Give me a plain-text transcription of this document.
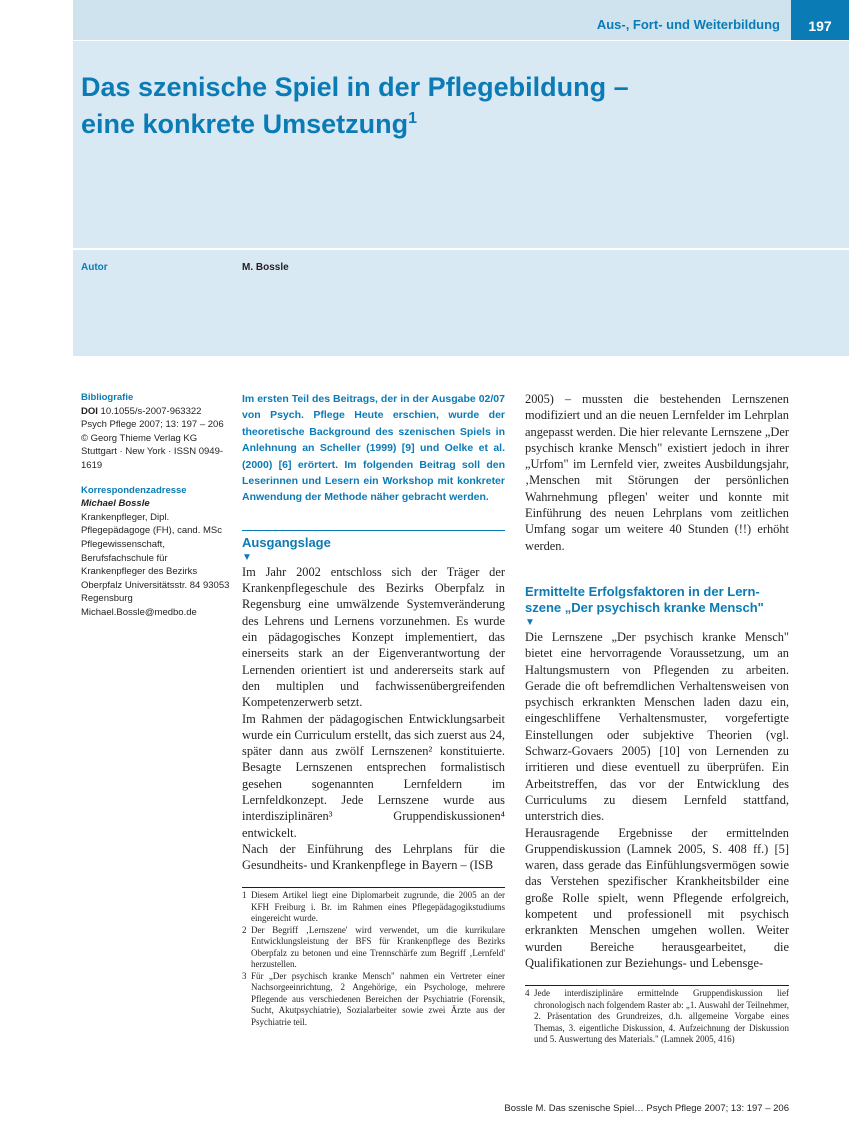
Aus-, Fort- und Weiterbildung	197
Das szenische Spiel in der Pflegebildung –
eine konkrete Umsetzung$^1$
Autor	M. Bossle
Bibliografie
DOI 10.1055/s-2007-963322
Psych Pflege 2007; 13: 197 – 206 © Georg Thieme Verlag KG Stuttgart · New York · ISSN 0949-1619
Korrespondenzadresse
Michael Bossle
Krankenpfleger, Dipl. Pflegepädagoge (FH), cand. MSc Pflegewissenschaft, Berufsfachschule für Krankenpfleger des Bezirks Oberpfalz Universitätsstr. 84 93053 Regensburg Michael.Bossle@medbo.de

Im ersten Teil des Beitrags, der in der Ausgabe 02/07 von Psych. Pflege Heute erschien, wurde der theoretische Background des szenischen Spiels in Anlehnung an Scheller (1999) [9] und Oelke et al. (2000) [6] erörtert. Im folgenden Beitrag soll den Leserinnen und Lesern ein Workshop mit konkreter Anwendung der Methode näher gebracht werden.

Ausgangslage
▼

Im Jahr 2002 entschloss sich der Träger der Krankenpflegeschule des Bezirks Oberpfalz in Regensburg eine umwälzende Systemveränderung des Lehrens und Lernens vorzunehmen. Es wurde ein pädagogisches Konzept implementiert, das einerseits stark an der Eigenverantwortung der Lernenden orientiert ist und andererseits stark auf den multiplen und fachwissenübergreifenden Kompetenzerwerb setzt.

Im Rahmen der pädagogischen Entwicklungsarbeit wurde ein Curriculum erstellt, das sich zuerst aus 24, später dann aus zwölf Lernszenen² konstituierte. Besagte Lernszenen entsprechen formalistisch gesehen sogenannten Lernfeldern im Lernfeldkonzept. Jede Lernszene wurde aus interdisziplinären³ Gruppendiskussionen⁴ entwickelt.

Nach der Einführung des Lehrplans für die Gesundheits- und Krankenpflege in Bayern – (ISB

1 Diesem Artikel liegt eine Diplomarbeit zugrunde, die 2005 an der KFH Freiburg i. Br. im Rahmen eines Pflegepädagogikstudiums eingereicht wurde.
2 Der Begriff ‚Lernszene' wird verwendet, um die kurrikulare Entwicklungsleistung der BFS für Krankenpflege des Bezirks Oberpfalz zu betonen und eine Trennschärfe zum Begriff ‚Lernfeld' herzustellen.
3 Für „Der psychisch kranke Mensch" nahmen ein Vertreter einer Nachsorgeeinrichtung, 2 Angehörige, ein Psychologe, mehrere Pflegende aus verschiedenen Bereichen der Psychiatrie (Forensik, Sucht, Akutpsychiatrie), Sozialarbeiter sowie zwei Ärzte aus der Psychiatrie teil.

2005) – mussten die bestehenden Lernszenen modifiziert und an die neuen Lernfelder im Lehrplan angepasst werden. Die hier relevante Lernszene „Der psychisch kranke Mensch" existiert jedoch in ihrer „Urfom" im Lernfeld vier, zweites Ausbildungsjahr, ‚Menschen mit Störungen der persönlichen Wahrnehmung pflegen' weiter und konnte mit Einführung des neuen Lehrplans vom zeitlichen Umfang sogar um weitere 40 Stunden (!!) erhöht werden.

Ermittelte Erfolgsfaktoren in der Lern-
szene „Der psychisch kranke Mensch"
▼

Die Lernszene „Der psychisch kranke Mensch" bietet eine hervorragende Voraussetzung, um an Haltungsmustern von Pflegenden zu arbeiten. Gerade die oft befremdlichen Verhaltensweisen von psychisch erkrankten Menschen laden dazu ein, eingeschliffene Verhaltensmuster, vorgefertigte Einstellungen oder subjektive Theorien (vgl. Schwarz-Govaers 2005) [10] von Lernenden zu irritieren und diese eventuell zu überprüfen. Ein Arbeitstreffen, das vor der Entwicklung des Curriculums zu diesem Lernfeld stattfand, unterstrich dies.

Herausragende Ergebnisse der ermittelnden Gruppendiskussion (Lamnek 2005, S. 408 ff.) [5] waren, dass gerade das Einfühlungsvermögen sowie das Verstehen spezifischer Krankheitsbilder eine große Rolle spielt, wenn Pflegende erfolgreich, kompetent und professionell mit psychisch erkrankten Menschen umgehen wollen. Weiter wurden Bereiche herausgearbeitet, die Qualifikationen zur Beziehungs- und Lebensge-

4 Jede interdisziplinäre ermittelnde Gruppendiskussion lief chronologisch nach folgendem Raster ab: „1. Auswahl der Teilnehmer, 2. Präsentation des Grundreizes, d.h. allgemeine Vorgabe eines Themas, 3. eigentliche Diskussion, 4. Aufzeichnung der Diskussion und 5. Auswertung des Materials." (Lamnek 2005, 416)
Bossle M. Das szenische Spiel… Psych Pflege 2007; 13: 197 – 206
